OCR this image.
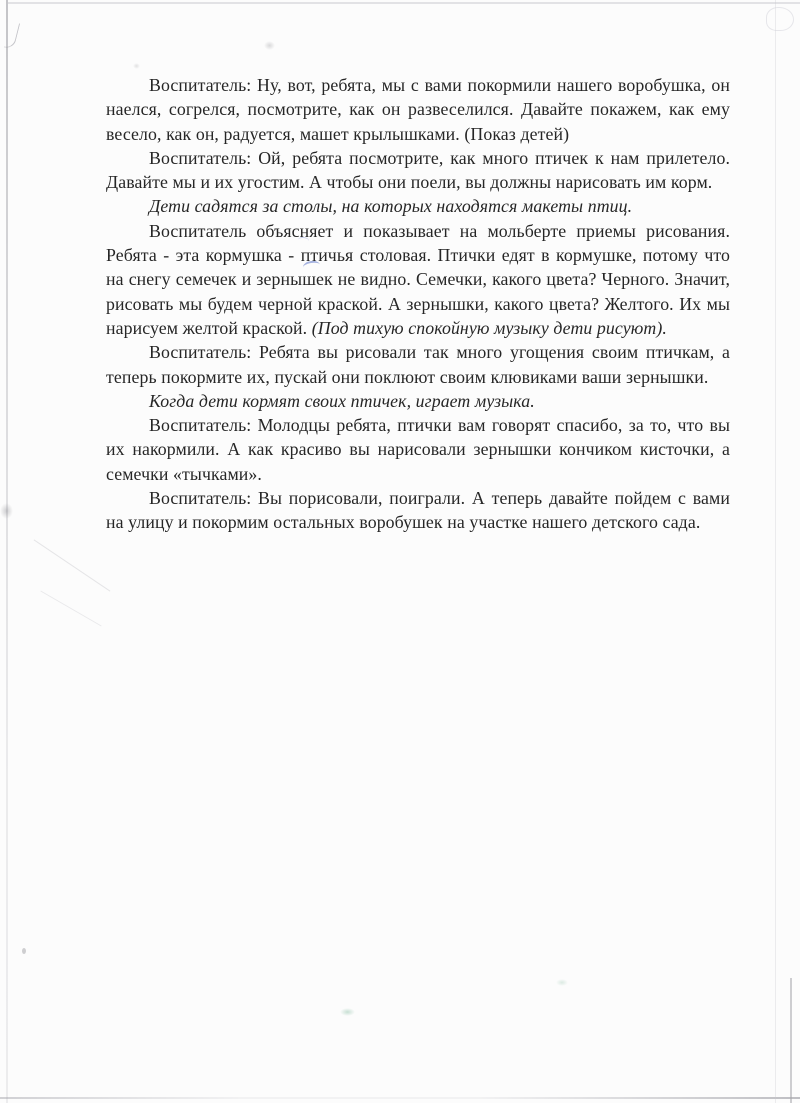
Воспитатель: Ну, вот, ребята, мы с вами покормили нашего воробушка, он наелся, согрелся, посмотрите, как он развеселился. Давайте покажем, как ему весело, как он, радуется, машет крылышками. (Показ детей)

Воспитатель: Ой, ребята посмотрите, как много птичек к нам прилетело. Давайте мы и их угостим. А чтобы они поели, вы должны нарисовать им корм.

Дети садятся за столы, на которых находятся макеты птиц.

Воспитатель объясняет и показывает на мольберте приемы рисования. Ребята - эта кормушка - птичья столовая. Птички едят в кормушке, потому что на снегу семечек и зернышек не видно. Семечки, какого цвета? Черного. Значит, рисовать мы будем черной краской. А зернышки, какого цвета? Желтого. Их мы нарисуем желтой краской. (Под тихую спокойную музыку дети рисуют).

Воспитатель: Ребята вы рисовали так много угощения своим птичкам, а теперь покормите их, пускай они поклюют своим клювиками ваши зернышки.

Когда дети кормят своих птичек, играет музыка.

Воспитатель: Молодцы ребята, птички вам говорят спасибо, за то, что вы их накормили. А как красиво вы нарисовали зернышки кончиком кисточки, а семечки «тычками».

Воспитатель: Вы порисовали, поиграли. А теперь давайте пойдем с вами на улицу и покормим остальных воробушек на участке нашего детского сада.
